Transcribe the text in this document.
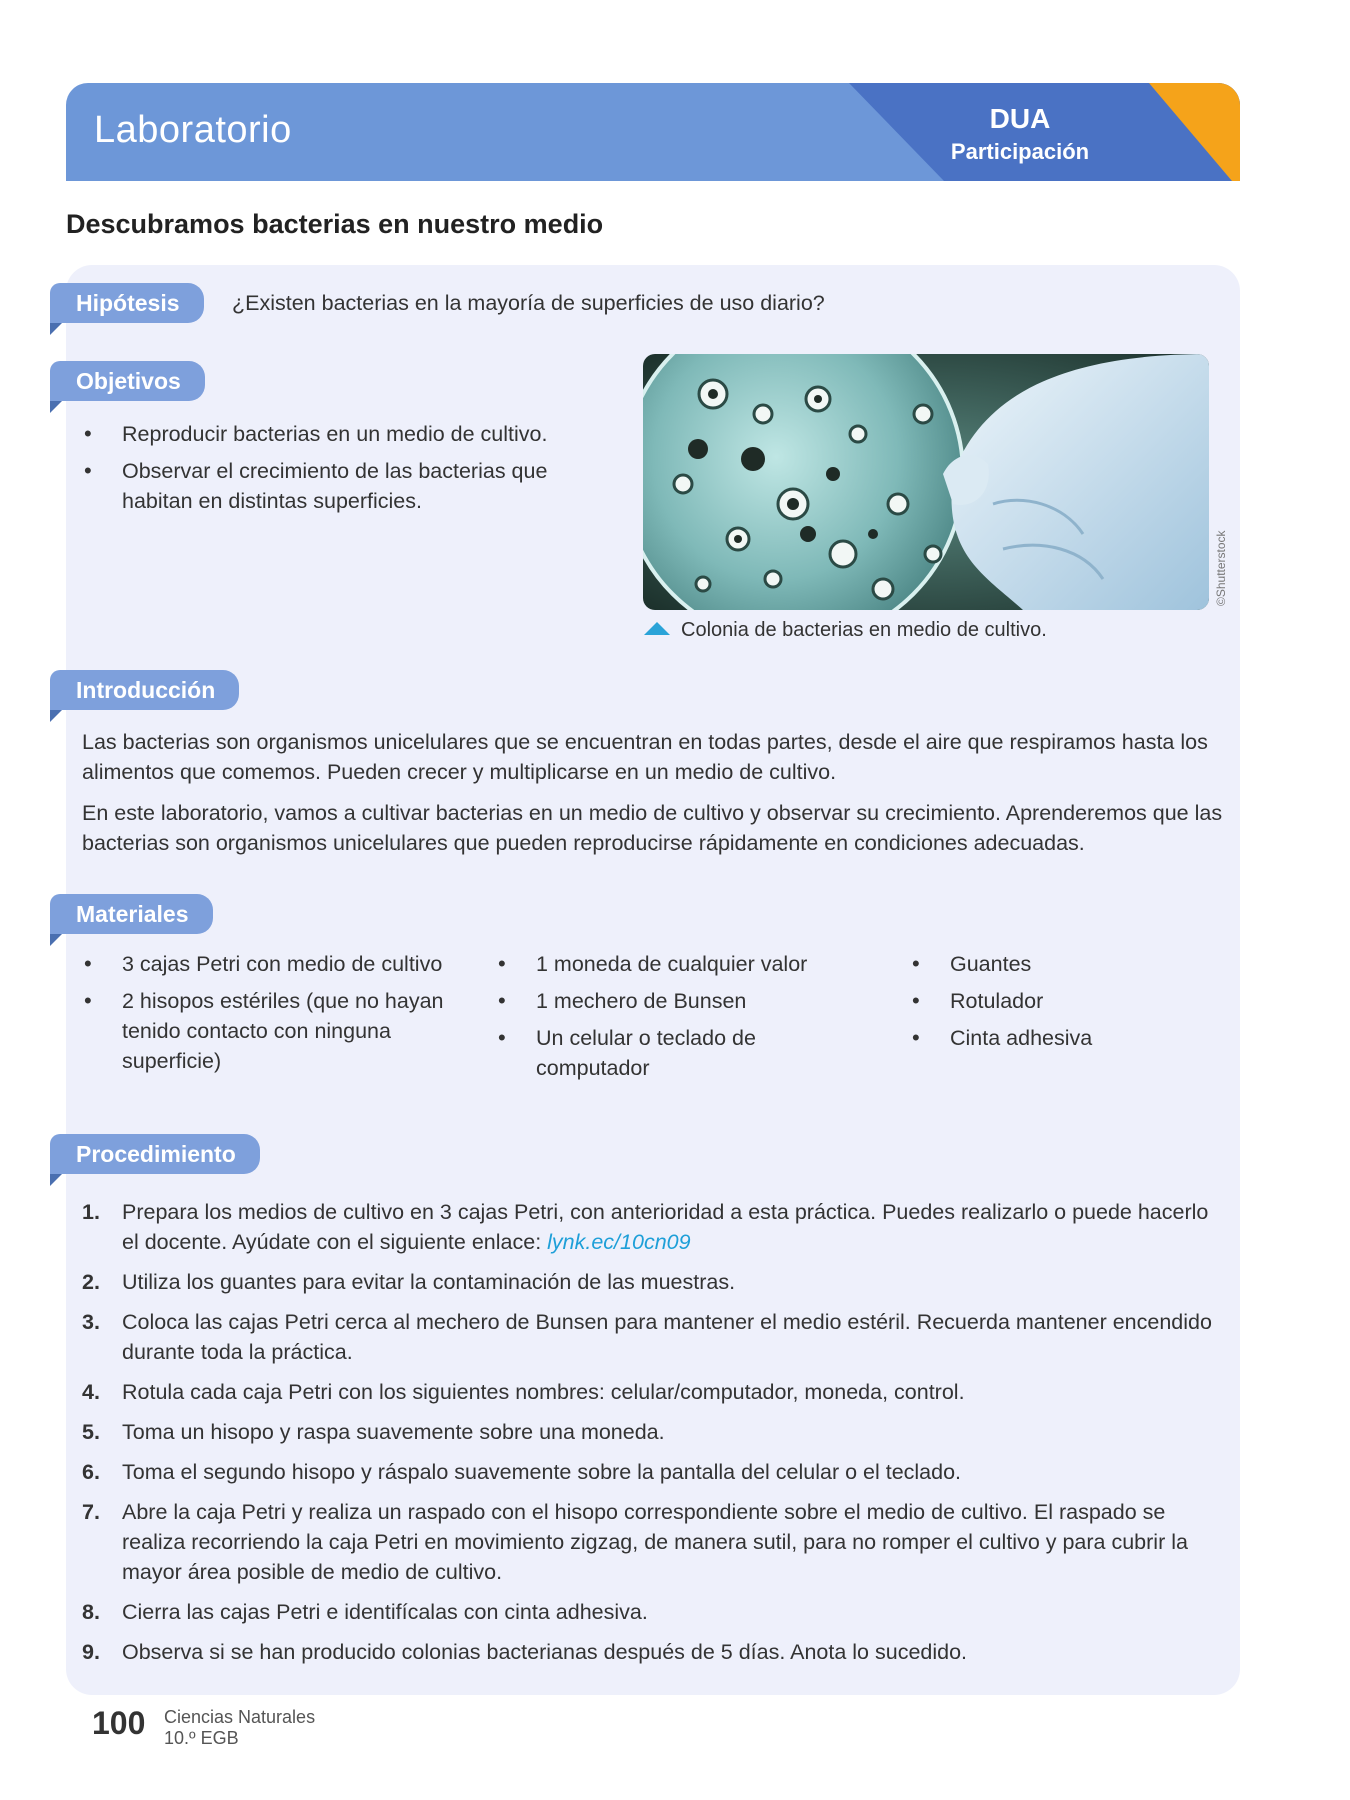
Laboratorio	DUA
Participación
Descubramos bacterias en nuestro medio
Hipótesis	¿Existen bacterias en la mayoría de superficies de uso diario?
Objetivos
• Reproducir bacterias en un medio de cultivo.
• Observar el crecimiento de las bacterias que habitan en distintas superficies.
©Shutterstock
Colonia de bacterias en medio de cultivo.
Introducción
Las bacterias son organismos unicelulares que se encuentran en todas partes, desde el aire que respiramos hasta los alimentos que comemos. Pueden crecer y multiplicarse en un medio de cultivo.
En este laboratorio, vamos a cultivar bacterias en un medio de cultivo y observar su crecimiento. Aprenderemos que las bacterias son organismos unicelulares que pueden reproducirse rápidamente en condiciones adecuadas.
Materiales
• 3 cajas Petri con medio de cultivo
• 2 hisopos estériles (que no hayan tenido contacto con ninguna superficie)
• 1 moneda de cualquier valor
• 1 mechero de Bunsen
• Un celular o teclado de computador
• Guantes
• Rotulador
• Cinta adhesiva
Procedimiento
1. Prepara los medios de cultivo en 3 cajas Petri, con anterioridad a esta práctica. Puedes realizarlo o puede hacerlo el docente. Ayúdate con el siguiente enlace: lynk.ec/10cn09
2. Utiliza los guantes para evitar la contaminación de las muestras.
3. Coloca las cajas Petri cerca al mechero de Bunsen para mantener el medio estéril. Recuerda mantener encendido durante toda la práctica.
4. Rotula cada caja Petri con los siguientes nombres: celular/computador, moneda, control.
5. Toma un hisopo y raspa suavemente sobre una moneda.
6. Toma el segundo hisopo y ráspalo suavemente sobre la pantalla del celular o el teclado.
7. Abre la caja Petri y realiza un raspado con el hisopo correspondiente sobre el medio de cultivo. El raspado se realiza recorriendo la caja Petri en movimiento zigzag, de manera sutil, para no romper el cultivo y para cubrir la mayor área posible de medio de cultivo.
8. Cierra las cajas Petri e identifícalas con cinta adhesiva.
9. Observa si se han producido colonias bacterianas después de 5 días. Anota lo sucedido.
100 Ciencias Naturales
10.º EGB
